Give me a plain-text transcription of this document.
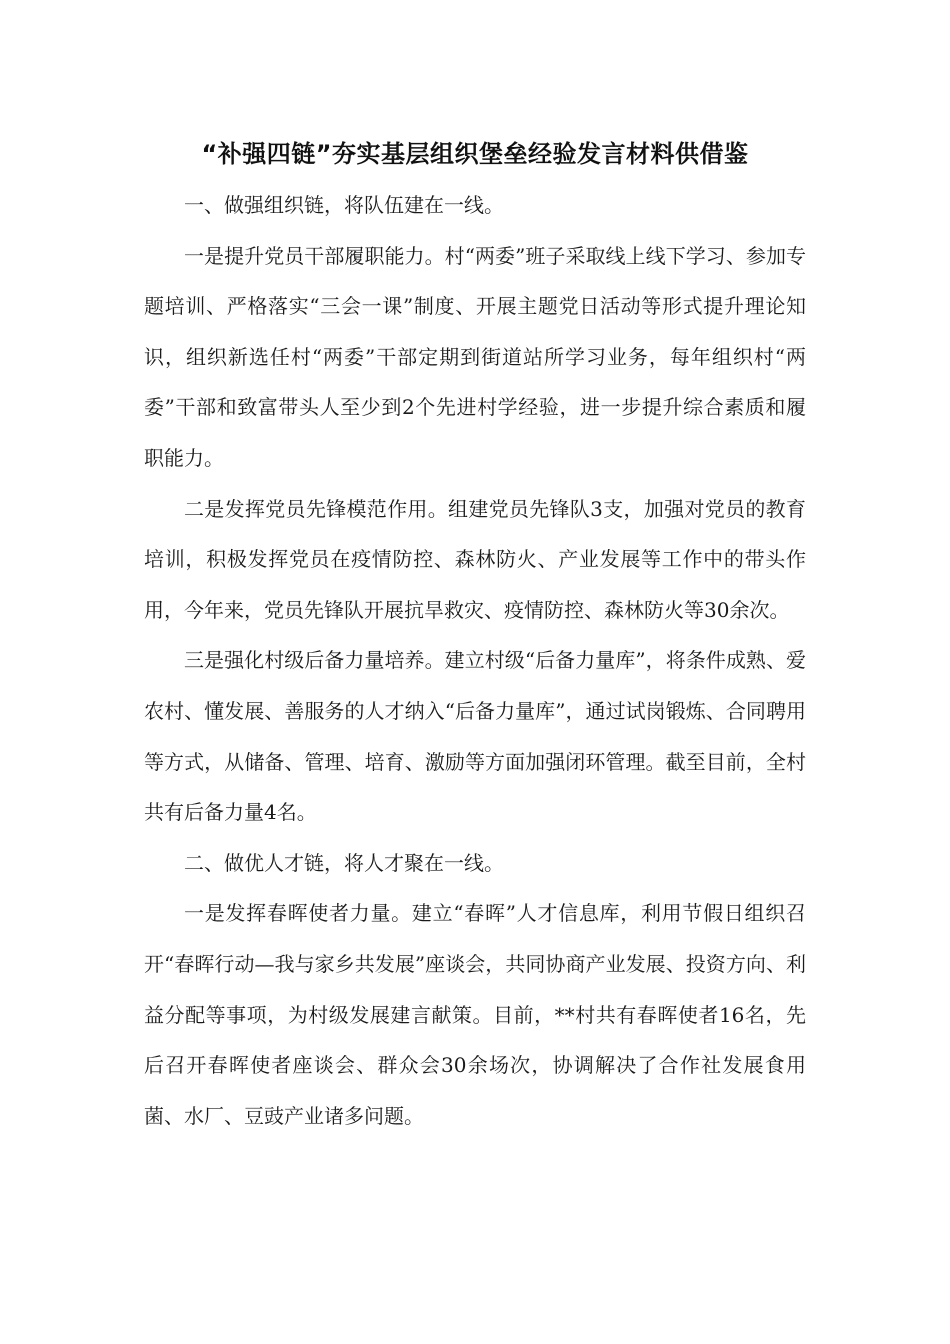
“补强四链”夯实基层组织堡垒经验发言材料供借鉴

一、做强组织链，将队伍建在一线。

一是提升党员干部履职能力。村“两委”班子采取线上线下学习、参加专题培训、严格落实“三会一课”制度、开展主题党日活动等形式提升理论知识，组织新选任村“两委”干部定期到街道站所学习业务，每年组织村“两委”干部和致富带头人至少到2个先进村学经验，进一步提升综合素质和履职能力。

二是发挥党员先锋模范作用。组建党员先锋队3支，加强对党员的教育培训，积极发挥党员在疫情防控、森林防火、产业发展等工作中的带头作用，今年来，党员先锋队开展抗旱救灾、疫情防控、森林防火等30余次。

三是强化村级后备力量培养。建立村级“后备力量库”，将条件成熟、爱农村、懂发展、善服务的人才纳入“后备力量库”，通过试岗锻炼、合同聘用等方式，从储备、管理、培育、激励等方面加强闭环管理。截至目前，全村共有后备力量4名。

二、做优人才链，将人才聚在一线。

一是发挥春晖使者力量。建立“春晖”人才信息库，利用节假日组织召开“春晖行动—我与家乡共发展”座谈会，共同协商产业发展、投资方向、利益分配等事项，为村级发展建言献策。目前，**村共有春晖使者16名，先后召开春晖使者座谈会、群众会30余场次，协调解决了合作社发展食用菌、水厂、豆豉产业诸多问题。
